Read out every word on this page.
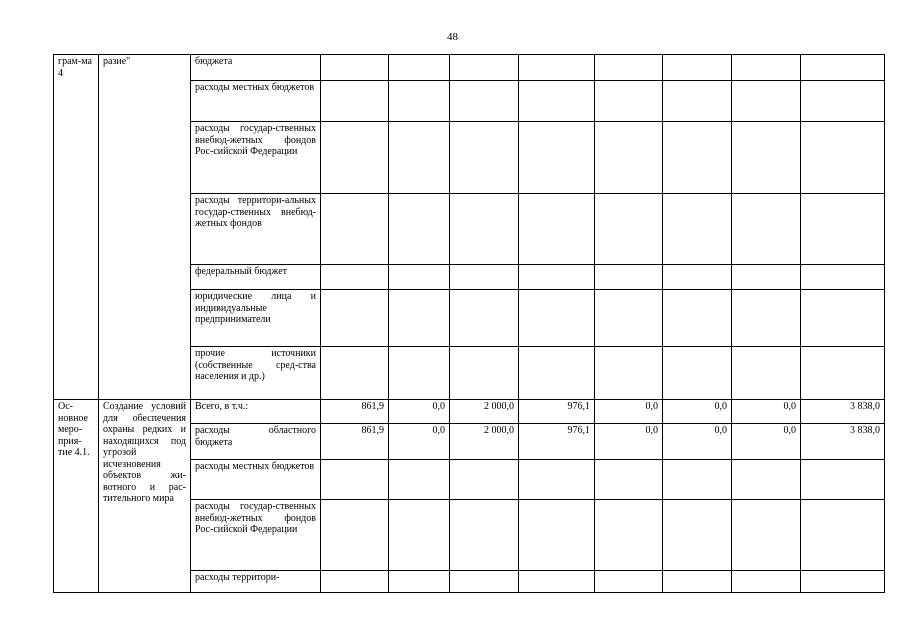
48
грам-ма 4	разие"	бюджета								
		расходы местных бюджетов								
		расходы государ-ственных внебюд-жетных фондов Рос-сийской Федерации								
		расходы территори-альных государ-ственных внебюд-жетных фондов								
		федеральный бюджет								
		юридические лица и индивидуальные предприниматели								
		прочие источники (собственные сред-ства населения и др.)								
Ос-новное меро-прия-тие 4.1.	Создание условий для обеспечения охраны редких и находящихся под угрозой исчезновения объектов жи-вотного и рас-тительного мира	Всего, в т.ч.:	861,9	0,0	2 000,0	976,1	0,0	0,0	0,0	3 838,0
		расходы областного бюджета	861,9	0,0	2 000,0	976,1	0,0	0,0	0,0	3 838,0
		расходы местных бюджетов								
		расходы государ-ственных внебюд-жетных фондов Рос-сийской Федерации								
		расходы территори-								
